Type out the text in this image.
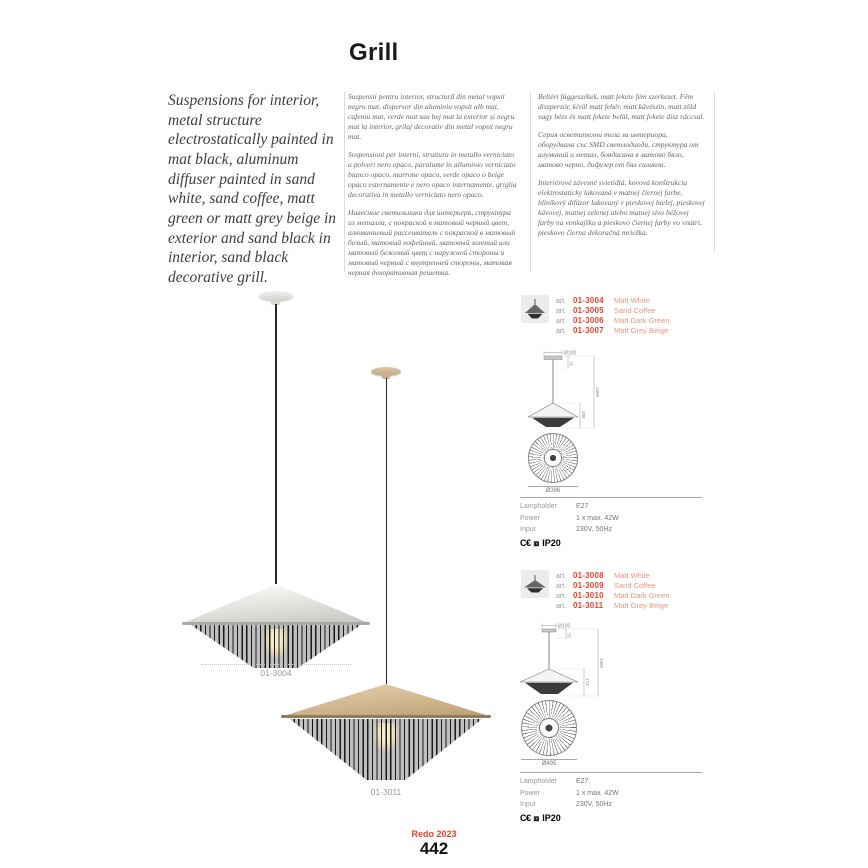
Grill
Suspensions for interior, metal structure electrostatically painted in mat black, aluminum diffuser painted in sand white, sand coffee, matt green or matt grey beige in exterior and sand black in interior, sand black decorative grill.

Suspensii pentru interior, structură din metal vopsit negru mat, dispersor din aluminiu vopsit alb mat, cafeniu mat, verde mat sau bej mat la exterior și negru mat la interior, grilaj decorativ din metal vopsit negru mat.

Sospensioni per interni, struttura in metallo verniciato a polveri nero opaco, paralume in alluminio verniciato bianco opaco, marrone opaco, verde opaco o beige opaco esternamente e nero opaco internamente, griglia decorativa in metallo verniciato nero opaco.

Навесные светильники для интерьера, структура из металла, с покраской в матовый черный цвет, алюминиевый рассеиватель с покраской в матовый белый, матовый кофейный, матовый зеленый или матовый бежевый цвет с наружной стороны и матовый черный с внутренней стороны, матовая черная декоративная решетка.

Beltéri függeszékek, matt fekete fém szerkezet. Fém diszperzór, kívül matt fehér, matt kávészín, matt zöld vagy bézs és matt fekete belül, matt fekete dísz ráccsal.

Серия осветителни тела за интериора, оборудвана със SMD светлодиоди, структура от алуминий и метал, боядисана в матово бяло, матово черно, дифузер от бял силикон.

Interiérové závesné svietidlá, kovová konštrukcia elektrostaticky lakovaná v matnej čiernej farbe, hliníkový difúzor lakovaný v pieskovej bielej, pieskovej kávovej, matnej zelenej alebo matnej sivo béžovej farby na vonkajšku a pieskovo čiernej farby vo vnútri, pieskovo čierna dekoračná mriežka.

01-3004
01-3011
art. 01-3004	Matt White
art. 01-3005	Sand Coffee
art. 01-3006	Matt Dark Green
art. 01-3007	Matt Grey Beige
Ø100
75
1500
200
Ø396
Lampholder	E27
Power	1 x max. 42W
Input	230V, 50Hz
C€ ⧈ IP20
art. 01-3008	Matt White
art. 01-3009	Sand Coffee
art. 01-3010	Matt Dark Green
art. 01-3011	Matt Grey Beige
Ø100
75
1500
174
Ø495
Lampholder	E27
Power	1 x max. 42W
Input	230V, 50Hz
C€ ⧈ IP20
Redo 2023
442
